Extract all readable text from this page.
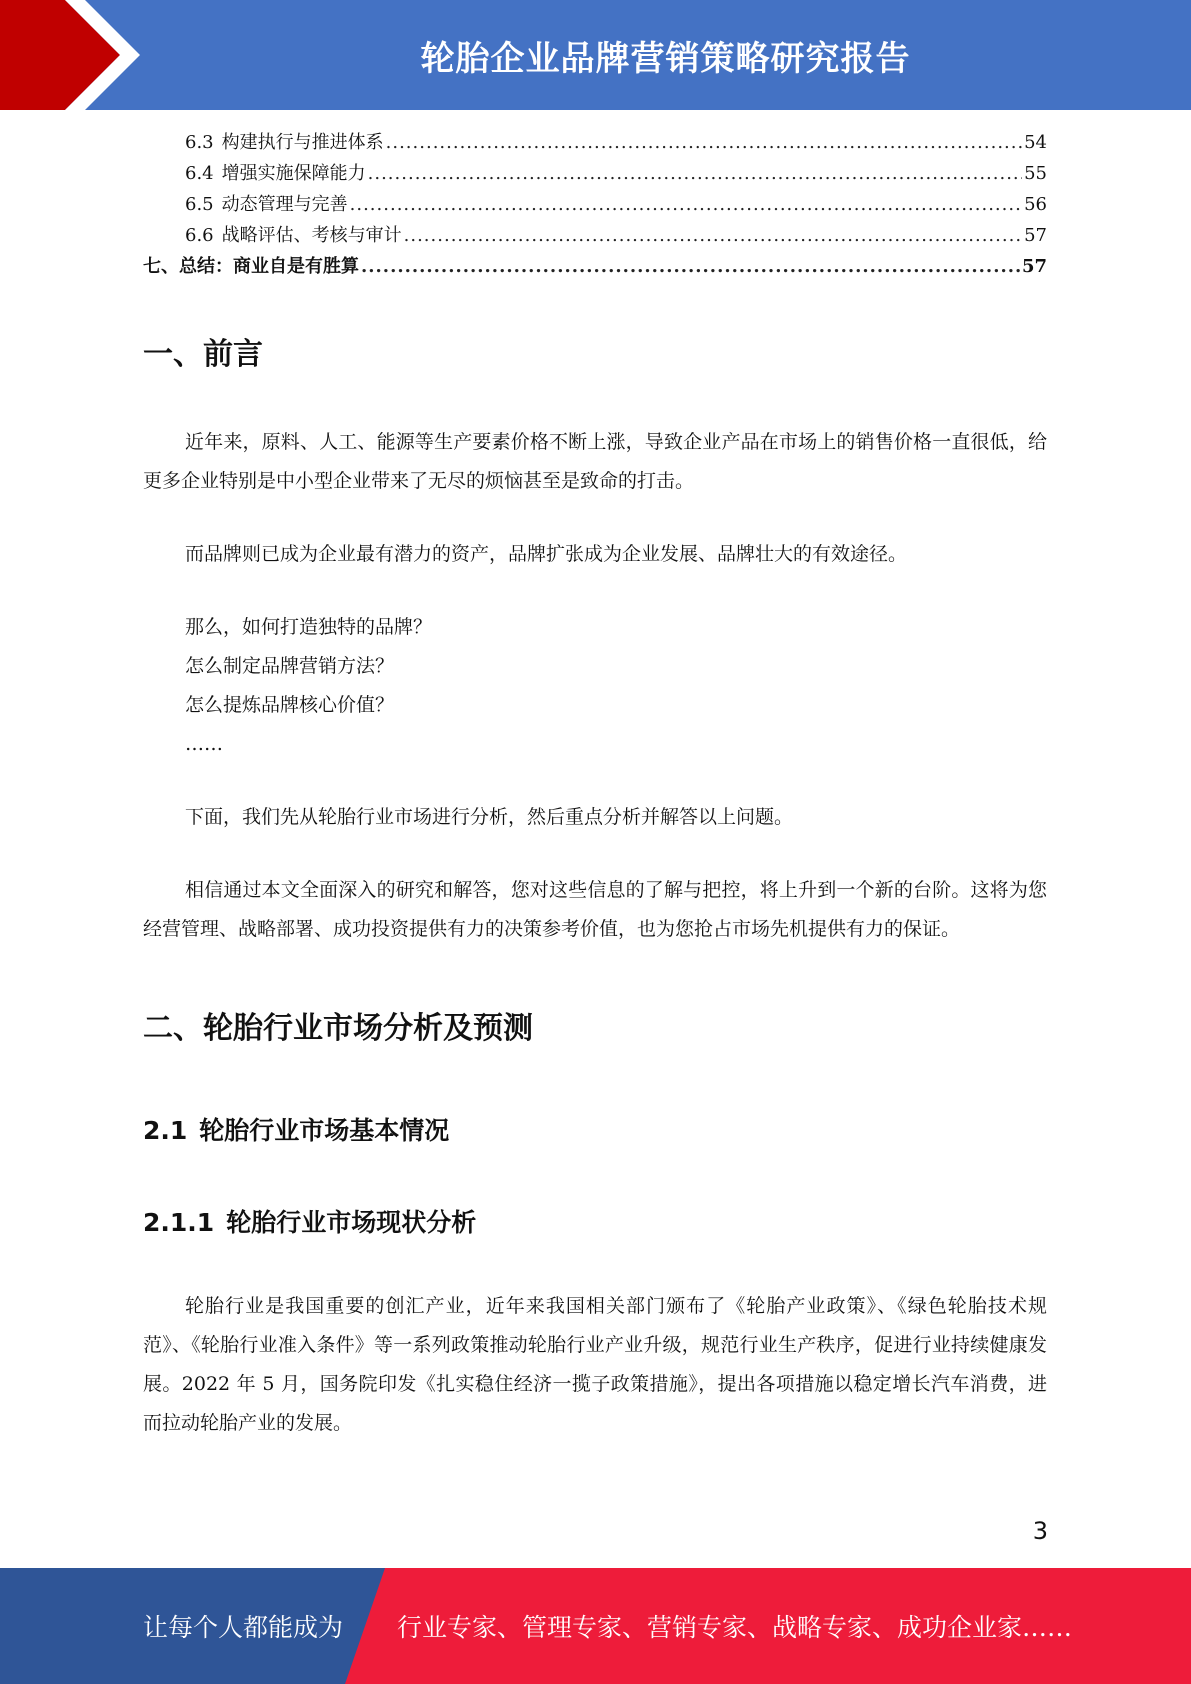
轮胎企业品牌营销策略研究报告
6.3 构建执行与推进体系 .....	54
6.4 增强实施保障能力 .....	55
6.5 动态管理与完善 .....	56
6.6 战略评估、考核与审计 .....	57
七、 总结：商业自是有胜算 .....	57
一、前言

近年来，原料、人工、能源等生产要素价格不断上涨，导致企业产品在市场上的销售价格一直很低，给更多企业特别是中小型企业带来了无尽的烦恼甚至是致命的打击。

而品牌则已成为企业最有潜力的资产，品牌扩张成为企业发展、品牌壮大的有效途径。

那么，如何打造独特的品牌？
怎么制定品牌营销方法？
怎么提炼品牌核心价值？
……

下面，我们先从轮胎行业市场进行分析，然后重点分析并解答以上问题。

相信通过本文全面深入的研究和解答，您对这些信息的了解与把控，将上升到一个新的台阶。这将为您经营管理、战略部署、成功投资提供有力的决策参考价值，也为您抢占市场先机提供有力的保证。

二、轮胎行业市场分析及预测
2.1 轮胎行业市场基本情况
2.1.1 轮胎行业市场现状分析

轮胎行业是我国重要的创汇产业，近年来我国相关部门颁布了《轮胎产业政策》、《绿色轮胎技术规范》、《轮胎行业准入条件》等一系列政策推动轮胎行业产业升级，规范行业生产秩序，促进行业持续健康发展。2022 年 5 月，国务院印发《扎实稳住经济一揽子政策措施》，提出各项措施以稳定增长汽车消费，进而拉动轮胎产业的发展。

3
让每个人都能成为 行业专家、管理专家、营销专家、战略专家、成功企业家……
